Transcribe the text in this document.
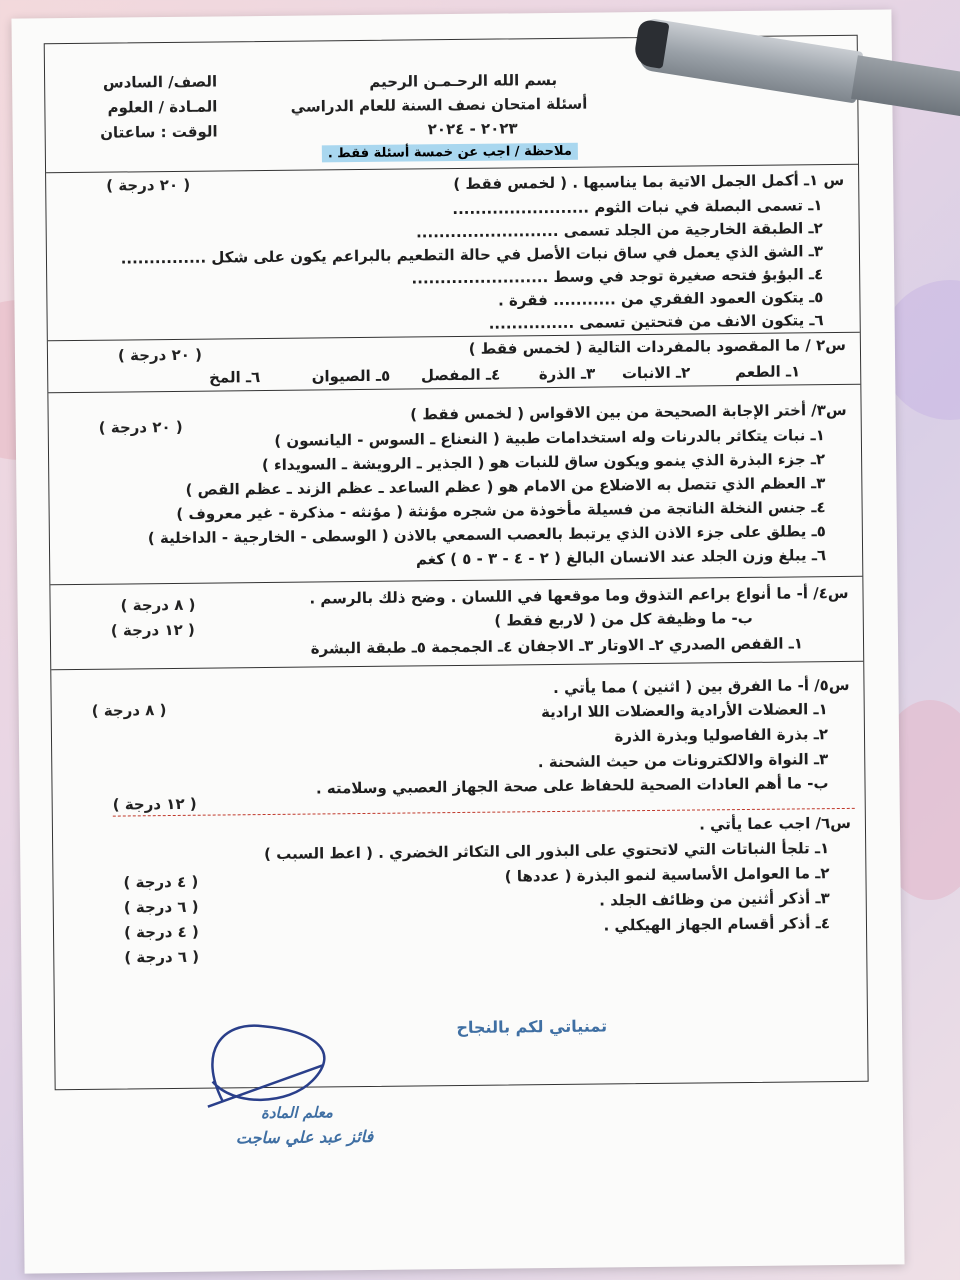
الصف/ السادس
المـادة / العلوم
الوقت : ساعتان
بسم الله الرحـمـن الرحيم
أسئلة امتحان نصف السنة للعام الدراسي
٢٠٢٣ - ٢٠٢٤
ملاحظة / اجب عن خمسة أسئلة فقط .
س ١ـ أكمل الجمل الاتية بما يناسبها . ( لخمس فقط )
( ٢٠ درجة )
١ـ تسمى البصلة في نبات الثوم ........................
٢ـ الطبقة الخارجية من الجلد تسمى .........................
٣ـ الشق الذي يعمل في ساق نبات الأصل في حالة التطعيم بالبراعم يكون على شكل ...............
٤ـ البؤبؤ فتحه صغيرة توجد في وسط ........................
٥ـ يتكون العمود الفقري من ........... فقرة .
٦ـ يتكون الانف من فتحتين تسمى ...............
س٢ / ما المقصود بالمفردات التالية ( لخمس فقط )
( ٢٠ درجة )
١ـ الطعم
٢ـ الانبات
٣ـ الذرة
٤ـ المفصل
٥ـ الصيوان
٦ـ المخ
س٣/ أختر الإجابة الصحيحة من بين الاقواس ( لخمس فقط )
( ٢٠ درجة )	١ـ نبات يتكاثر بالدرنات وله استخدامات طبية ( النعناع ـ السوس - اليانسون )
٢ـ جزء البذرة الذي ينمو ويكون ساق للنبات هو ( الجذير ـ الرويشة ـ السويداء )
٣ـ العظم الذي تتصل به الاضلاع من الامام هو ( عظم الساعد ـ عظم الزند ـ عظم القص )
٤ـ جنس النخلة الناتجة من فسيلة مأخوذة من شجره مؤنثة ( مؤنثه - مذكرة - غير معروف )
٥ـ يطلق على جزء الاذن الذي يرتبط بالعصب السمعي بالاذن ( الوسطى - الخارجية - الداخلية )
٦ـ يبلغ وزن الجلد عند الانسان البالغ ( ٢ - ٤ - ٣ - ٥ ) كغم
س٤/ أ- ما أنواع براعم التذوق وما موقعها في اللسان . وضح ذلك بالرسم .
( ٨ درجة )
ب- ما وظيفة كل من ( لاربع فقط )
( ١٢ درجة )
١ـ القفص الصدري ٢ـ الاوتار ٣ـ الاجفان ٤ـ الجمجمة ٥ـ طبقة البشرة
س٥/ أ- ما الفرق بين ( اثنين ) مما يأتي .
( ٨ درجة )	١ـ العضلات الأرادية والعضلات اللا ارادية
٢ـ بذرة الفاصوليا وبذرة الذرة
٣ـ النواة والالكترونات من حيث الشحنة .
ب- ما أهم العادات الصحية للحفاظ على صحة الجهاز العصبي وسلامته .
( ١٢ درجة )
س٦/ اجب عما يأتي .
١ـ تلجأ النباتات التي لاتحتوي على البذور الى التكاثر الخضري . ( اعط السبب )
٢ـ ما العوامل الأساسية لنمو البذرة ( عددها )
٣ـ أذكر أثنين من وظائف الجلد .
٤ـ أذكر أقسام الجهاز الهيكلي .
( ٤ درجة )
( ٦ درجة )
( ٤ درجة )
( ٦ درجة )
تمنياتي لكم بالنجاح
معلم المادة
فائز عبد علي ساجت
